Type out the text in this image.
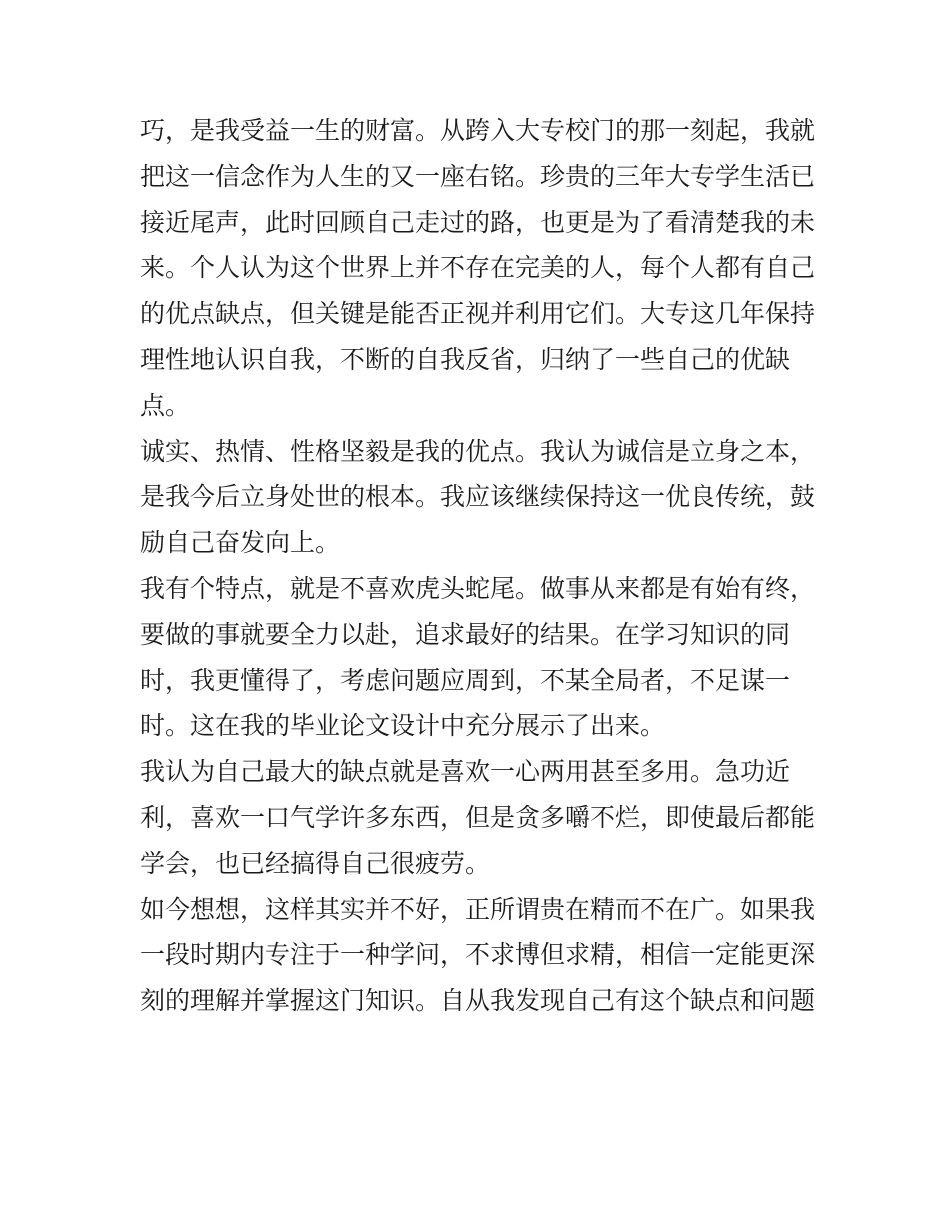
巧，是我受益一生的财富。从跨入大专校门的那一刻起，我就
把这一信念作为人生的又一座右铭。珍贵的三年大专学生活已
接近尾声，此时回顾自己走过的路，也更是为了看清楚我的未
来。个人认为这个世界上并不存在完美的人，每个人都有自己
的优点缺点，但关键是能否正视并利用它们。大专这几年保持
理性地认识自我，不断的自我反省，归纳了一些自己的优缺
点。
诚实、热情、性格坚毅是我的优点。我认为诚信是立身之本，
是我今后立身处世的根本。我应该继续保持这一优良传统，鼓
励自己奋发向上。
我有个特点，就是不喜欢虎头蛇尾。做事从来都是有始有终，
要做的事就要全力以赴，追求最好的结果。在学习知识的同
时，我更懂得了，考虑问题应周到，不某全局者，不足谋一
时。这在我的毕业论文设计中充分展示了出来。
我认为自己最大的缺点就是喜欢一心两用甚至多用。急功近
利，喜欢一口气学许多东西，但是贪多嚼不烂，即使最后都能
学会，也已经搞得自己很疲劳。
如今想想，这样其实并不好，正所谓贵在精而不在广。如果我
一段时期内专注于一种学问，不求博但求精，相信一定能更深
刻的理解并掌握这门知识。自从我发现自己有这个缺点和问题
